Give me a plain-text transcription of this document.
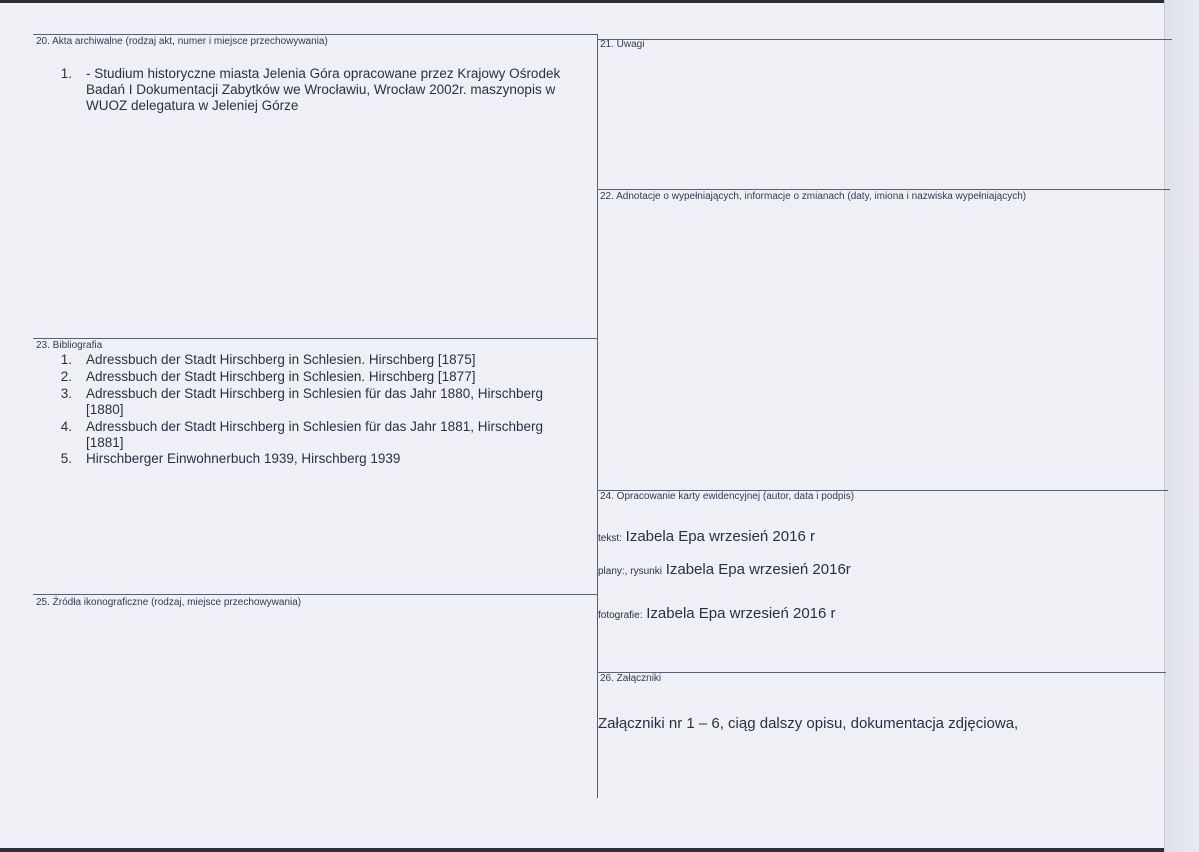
20. Akta archiwalne (rodzaj akt, numer i miejsce przechowywania)
1. - Studium historyczne miasta Jelenia Góra opracowane przez Krajowy Ośrodek Badań I Dokumentacji Zabytków we Wrocławiu, Wrocław 2002r. maszynopis w WUOZ delegatura w Jeleniej Górze
21. Uwagi
22. Adnotacje o wypełniających, informacje o zmianach (daty, imiona i nazwiska wypełniających)
23. Bibliografia
1. Adressbuch der Stadt Hirschberg in Schlesien. Hirschberg [1875]
2. Adressbuch der Stadt Hirschberg in Schlesien. Hirschberg [1877]
3. Adressbuch der Stadt Hirschberg in Schlesien für das Jahr 1880, Hirschberg [1880]
4. Adressbuch der Stadt Hirschberg in Schlesien für das Jahr 1881, Hirschberg [1881]
5. Hirschberger Einwohnerbuch 1939, Hirschberg 1939
24. Opracowanie karty ewidencyjnej (autor, data i podpis)
tekst: Izabela Epa wrzesień 2016 r
plany:, rysunki Izabela Epa wrzesień 2016r
fotografie: Izabela Epa wrzesień 2016 r
25. Źródła ikonograficzne (rodzaj, miejsce przechowywania)
26. Załączniki
Załączniki nr 1 – 6, ciąg dalszy opisu, dokumentacja zdjęciowa,
